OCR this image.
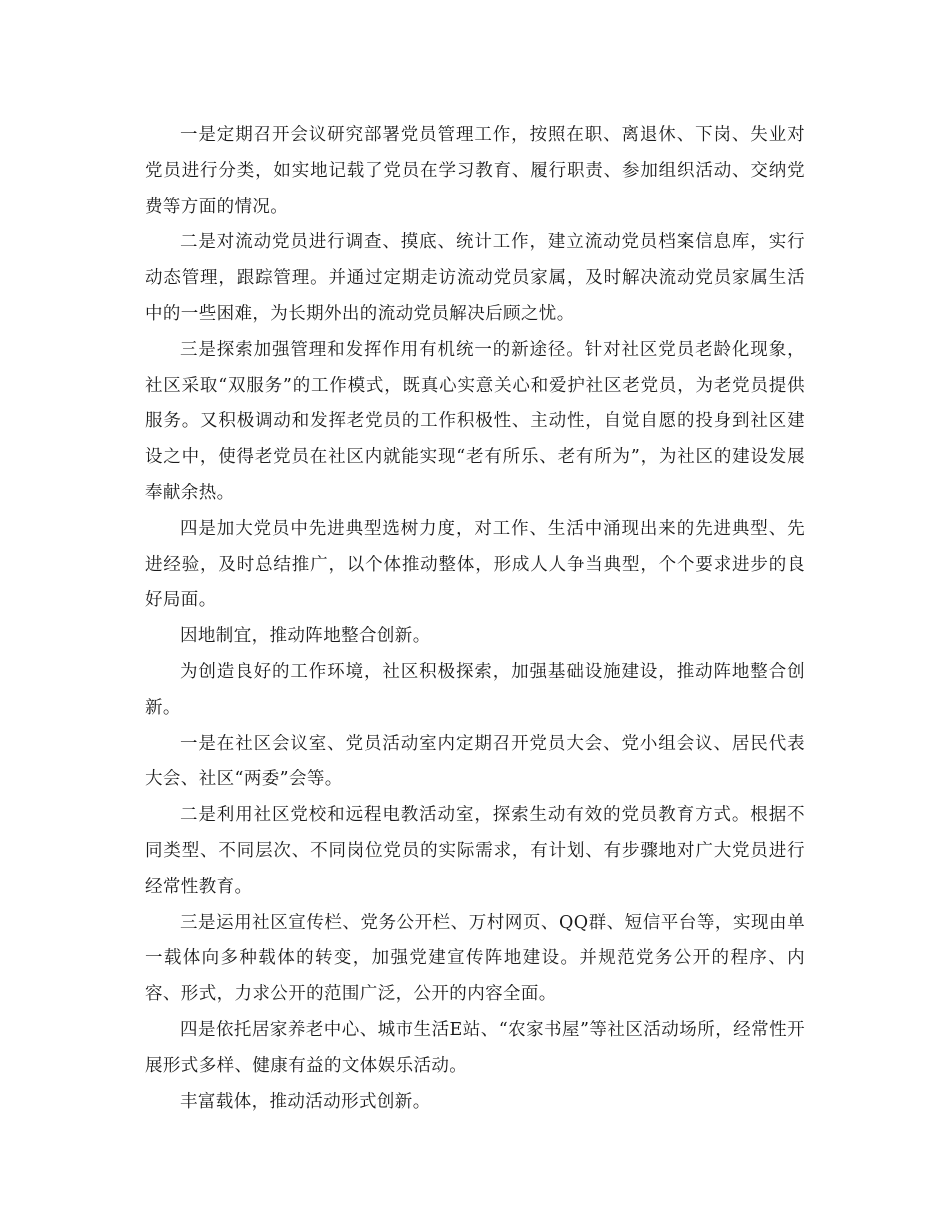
一是定期召开会议研究部署党员管理工作，按照在职、离退休、下岗、失业对党员进行分类，如实地记载了党员在学习教育、履行职责、参加组织活动、交纳党费等方面的情况。

二是对流动党员进行调查、摸底、统计工作，建立流动党员档案信息库，实行动态管理，跟踪管理。并通过定期走访流动党员家属，及时解决流动党员家属生活中的一些困难，为长期外出的流动党员解决后顾之忧。

三是探索加强管理和发挥作用有机统一的新途径。针对社区党员老龄化现象，社区采取“双服务”的工作模式，既真心实意关心和爱护社区老党员，为老党员提供服务。又积极调动和发挥老党员的工作积极性、主动性，自觉自愿的投身到社区建设之中，使得老党员在社区内就能实现“老有所乐、老有所为”，为社区的建设发展奉献余热。

四是加大党员中先进典型选树力度，对工作、生活中涌现出来的先进典型、先进经验，及时总结推广，以个体推动整体，形成人人争当典型，个个要求进步的良好局面。

因地制宜，推动阵地整合创新。

为创造良好的工作环境，社区积极探索，加强基础设施建设，推动阵地整合创新。

一是在社区会议室、党员活动室内定期召开党员大会、党小组会议、居民代表大会、社区“两委”会等。

二是利用社区党校和远程电教活动室，探索生动有效的党员教育方式。根据不同类型、不同层次、不同岗位党员的实际需求，有计划、有步骤地对广大党员进行经常性教育。

三是运用社区宣传栏、党务公开栏、万村网页、QQ群、短信平台等，实现由单一载体向多种载体的转变，加强党建宣传阵地建设。并规范党务公开的程序、内容、形式，力求公开的范围广泛，公开的内容全面。

四是依托居家养老中心、城市生活E站、“农家书屋”等社区活动场所，经常性开展形式多样、健康有益的文体娱乐活动。

丰富载体，推动活动形式创新。
